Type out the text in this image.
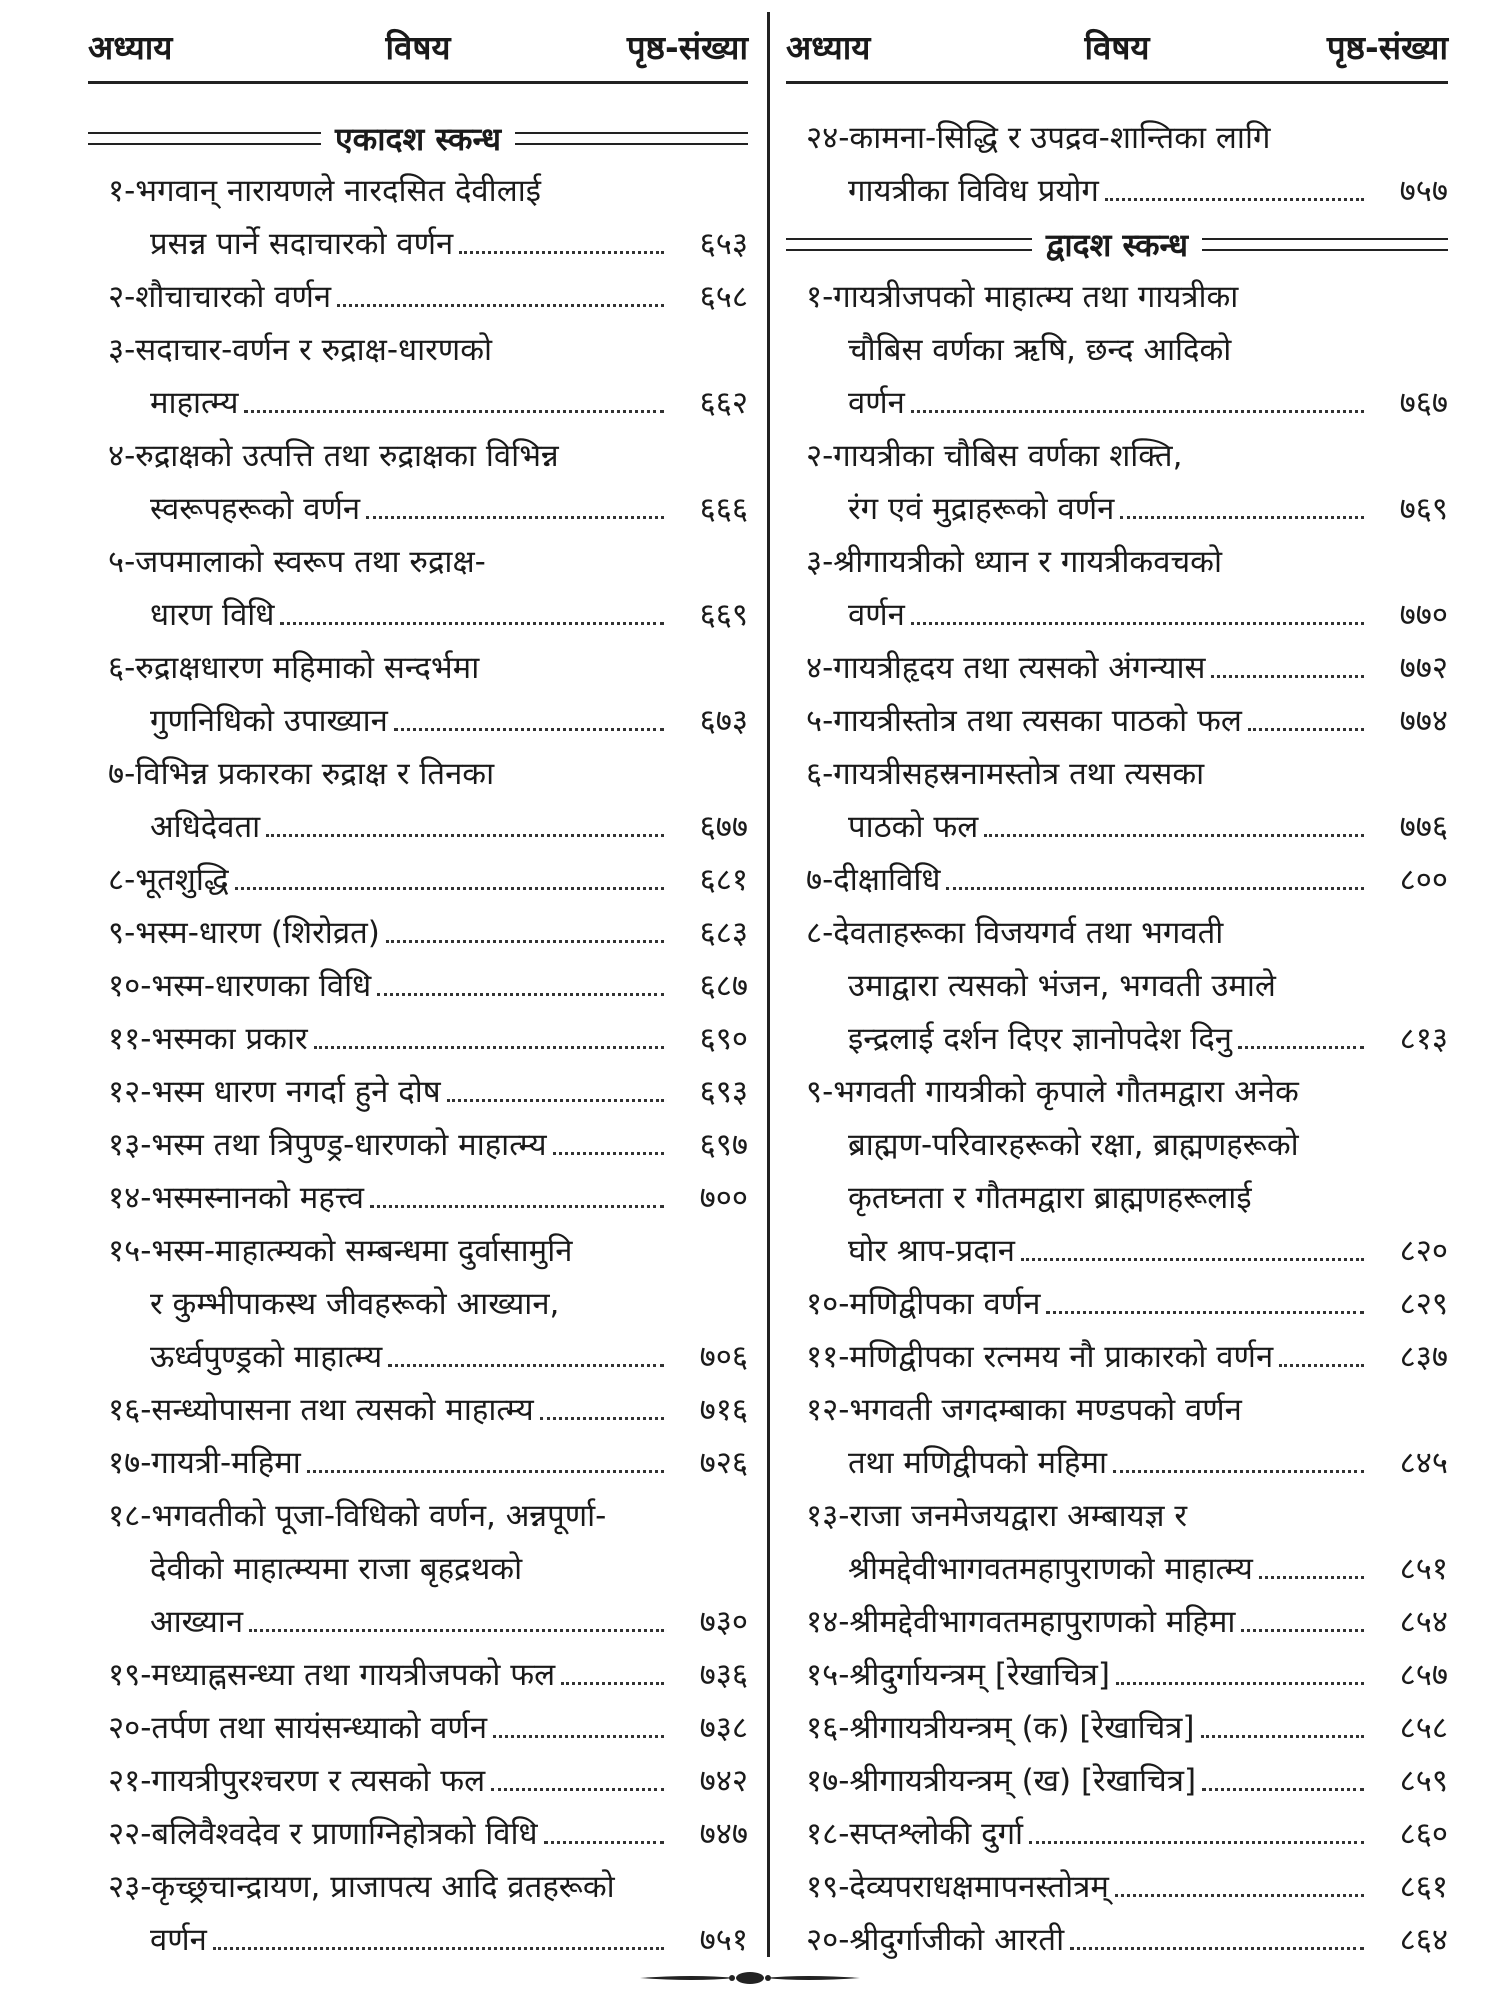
अध्याय	विषय	पृष्ठ-संख्या
एकादश स्कन्ध
१-भगवान् नारायणले नारदसित देवीलाई
प्रसन्न पार्ने सदाचारको वर्णन	६५३
२-शौचाचारको वर्णन	६५८
३-सदाचार-वर्णन र रुद्राक्ष-धारणको
माहात्म्य	६६२
४-रुद्राक्षको उत्पत्ति तथा रुद्राक्षका विभिन्न
स्वरूपहरूको वर्णन	६६६
५-जपमालाको स्वरूप तथा रुद्राक्ष-
धारण विधि	६६९
६-रुद्राक्षधारण महिमाको सन्दर्भमा
गुणनिधिको उपाख्यान	६७३
७-विभिन्न प्रकारका रुद्राक्ष र तिनका
अधिदेवता	६७७
८-भूतशुद्धि	६८१
९-भस्म-धारण (शिरोव्रत)	६८३
१०-भस्म-धारणका विधि	६८७
११-भस्मका प्रकार	६९०
१२-भस्म धारण नगर्दा हुने दोष	६९३
१३-भस्म तथा त्रिपुण्ड्र-धारणको माहात्म्य	६९७
१४-भस्मस्नानको महत्त्व	७००
१५-भस्म-माहात्म्यको सम्बन्धमा दुर्वासामुनि
र कुम्भीपाकस्थ जीवहरूको आख्यान,
ऊर्ध्वपुण्ड्रको माहात्म्य	७०६
१६-सन्ध्योपासना तथा त्यसको माहात्म्य	७१६
१७-गायत्री-महिमा	७२६
१८-भगवतीको पूजा-विधिको वर्णन, अन्नपूर्णा-
देवीको माहात्म्यमा राजा बृहद्रथको
आख्यान	७३०
१९-मध्याह्नसन्ध्या तथा गायत्रीजपको फल	७३६
२०-तर्पण तथा सायंसन्ध्याको वर्णन	७३८
२१-गायत्रीपुरश्चरण र त्यसको फल	७४२
२२-बलिवैश्वदेव र प्राणाग्निहोत्रको विधि	७४७
२३-कृच्छ्रचान्द्रायण, प्राजापत्य आदि व्रतहरूको
वर्णन	७५१
अध्याय	विषय	पृष्ठ-संख्या
२४-कामना-सिद्धि र उपद्रव-शान्तिका लागि
गायत्रीका विविध प्रयोग	७५७
द्वादश स्कन्ध
१-गायत्रीजपको माहात्म्य तथा गायत्रीका
चौबिस वर्णका ऋषि, छन्द आदिको
वर्णन	७६७
२-गायत्रीका चौबिस वर्णका शक्ति,
रंग एवं मुद्राहरूको वर्णन	७६९
३-श्रीगायत्रीको ध्यान र गायत्रीकवचको
वर्णन	७७०
४-गायत्रीहृदय तथा त्यसको अंगन्यास	७७२
५-गायत्रीस्तोत्र तथा त्यसका पाठको फल	७७४
६-गायत्रीसहस्रनामस्तोत्र तथा त्यसका
पाठको फल	७७६
७-दीक्षाविधि	८००
८-देवताहरूका विजयगर्व तथा भगवती
उमाद्वारा त्यसको भंजन, भगवती उमाले
इन्द्रलाई दर्शन दिएर ज्ञानोपदेश दिनु	८१३
९-भगवती गायत्रीको कृपाले गौतमद्वारा अनेक
ब्राह्मण-परिवारहरूको रक्षा, ब्राह्मणहरूको
कृतघ्नता र गौतमद्वारा ब्राह्मणहरूलाई
घोर श्राप-प्रदान	८२०
१०-मणिद्वीपका वर्णन	८२९
११-मणिद्वीपका रत्नमय नौ प्राकारको वर्णन	८३७
१२-भगवती जगदम्बाका मण्डपको वर्णन
तथा मणिद्वीपको महिमा	८४५
१३-राजा जनमेजयद्वारा अम्बायज्ञ र
श्रीमद्देवीभागवतमहापुराणको माहात्म्य	८५१
१४-श्रीमद्देवीभागवतमहापुराणको महिमा	८५४
१५-श्रीदुर्गायन्त्रम् [रेखाचित्र]	८५७
१६-श्रीगायत्रीयन्त्रम् (क) [रेखाचित्र]	८५८
१७-श्रीगायत्रीयन्त्रम् (ख) [रेखाचित्र]	८५९
१८-सप्तश्लोकी दुर्गा	८६०
१९-देव्यपराधक्षमापनस्तोत्रम्	८६१
२०-श्रीदुर्गाजीको आरती	८६४
